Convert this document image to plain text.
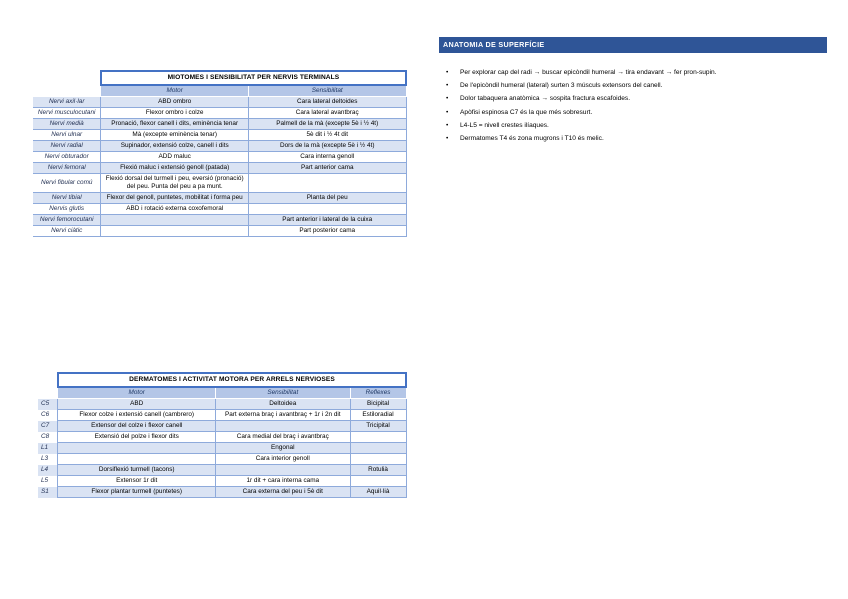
	MIOTOMES I SENSIBILITAT PER NERVIS TERMINALS	
	Motor	Sensibilitat
Nervi axil·lar	ABD ombro	Cara lateral deltoides
Nervi musculocutani	Flexor ombro i colze	Cara lateral avantbraç
Nervi medià	Pronació, flexor canell i dits, eminència tenar	Palmell de la mà (excepte 5è i ½ 4t)
Nervi ulnar	Mà (excepte eminència tenar)	5è dit i ½ 4t dit
Nervi radial	Supinador, extensió colze, canell i dits	Dors de la mà (excepte 5è i ½ 4t)
Nervi obturador	ADD maluc	Cara interna genoll
Nervi femoral	Flexió maluc i extensió genoll (patada)	Part anterior cama
Nervi fibular comú	Flexió dorsal del turmell i peu, eversió (pronació) del peu. Punta del peu a pa munt.	
Nervi tibial	Flexor del genoll, puntetes, mobilitat i forma peu	Planta del peu
Nervis glutis	ABD i rotació externa coxofemoral	
Nervi femorocutani		Part anterior i lateral de la cuixa
Nervi ciàtic		Part posterior cama
	DERMATOMES I ACTIVITAT MOTORA PER ARRELS NERVIOSES		
	Motor	Sensibilitat	Reflexes
C5	ABD	Deltoidea	Bicipital
C6	Flexor colze i extensió canell (cambrero)	Part externa braç i avantbraç + 1r i 2n dit	Estiloradial
C7	Extensor del colze i flexor canell		Tricipital
C8	Extensió del polze i flexor dits	Cara medial del braç i avantbraç	
L1		Engonal	
L3		Cara interior genoll	
L4	Dorsiflexió turmell (tacons)		Rotulià
L5	Extensor 1r dit	1r dit + cara interna cama	
S1	Flexor plantar turmell (puntetes)	Cara externa del peu i 5è dit	Aquil·lià
ANATOMIA DE SUPERFÍCIE
• Per explorar cap del radi → buscar epicòndil humeral → tira endavant → fer pron-supin.
• De l'epicòndil humeral (lateral) surten 3 músculs extensors del canell.
• Dolor tabaquera anatòmica → sospita fractura escafoides.
• Apòfisi espinosa C7 és la que més sobresurt.
• L4-L5 = nivell crestes ilíaques.
• Dermatomes T4 és zona mugrons i T10 és melic.
